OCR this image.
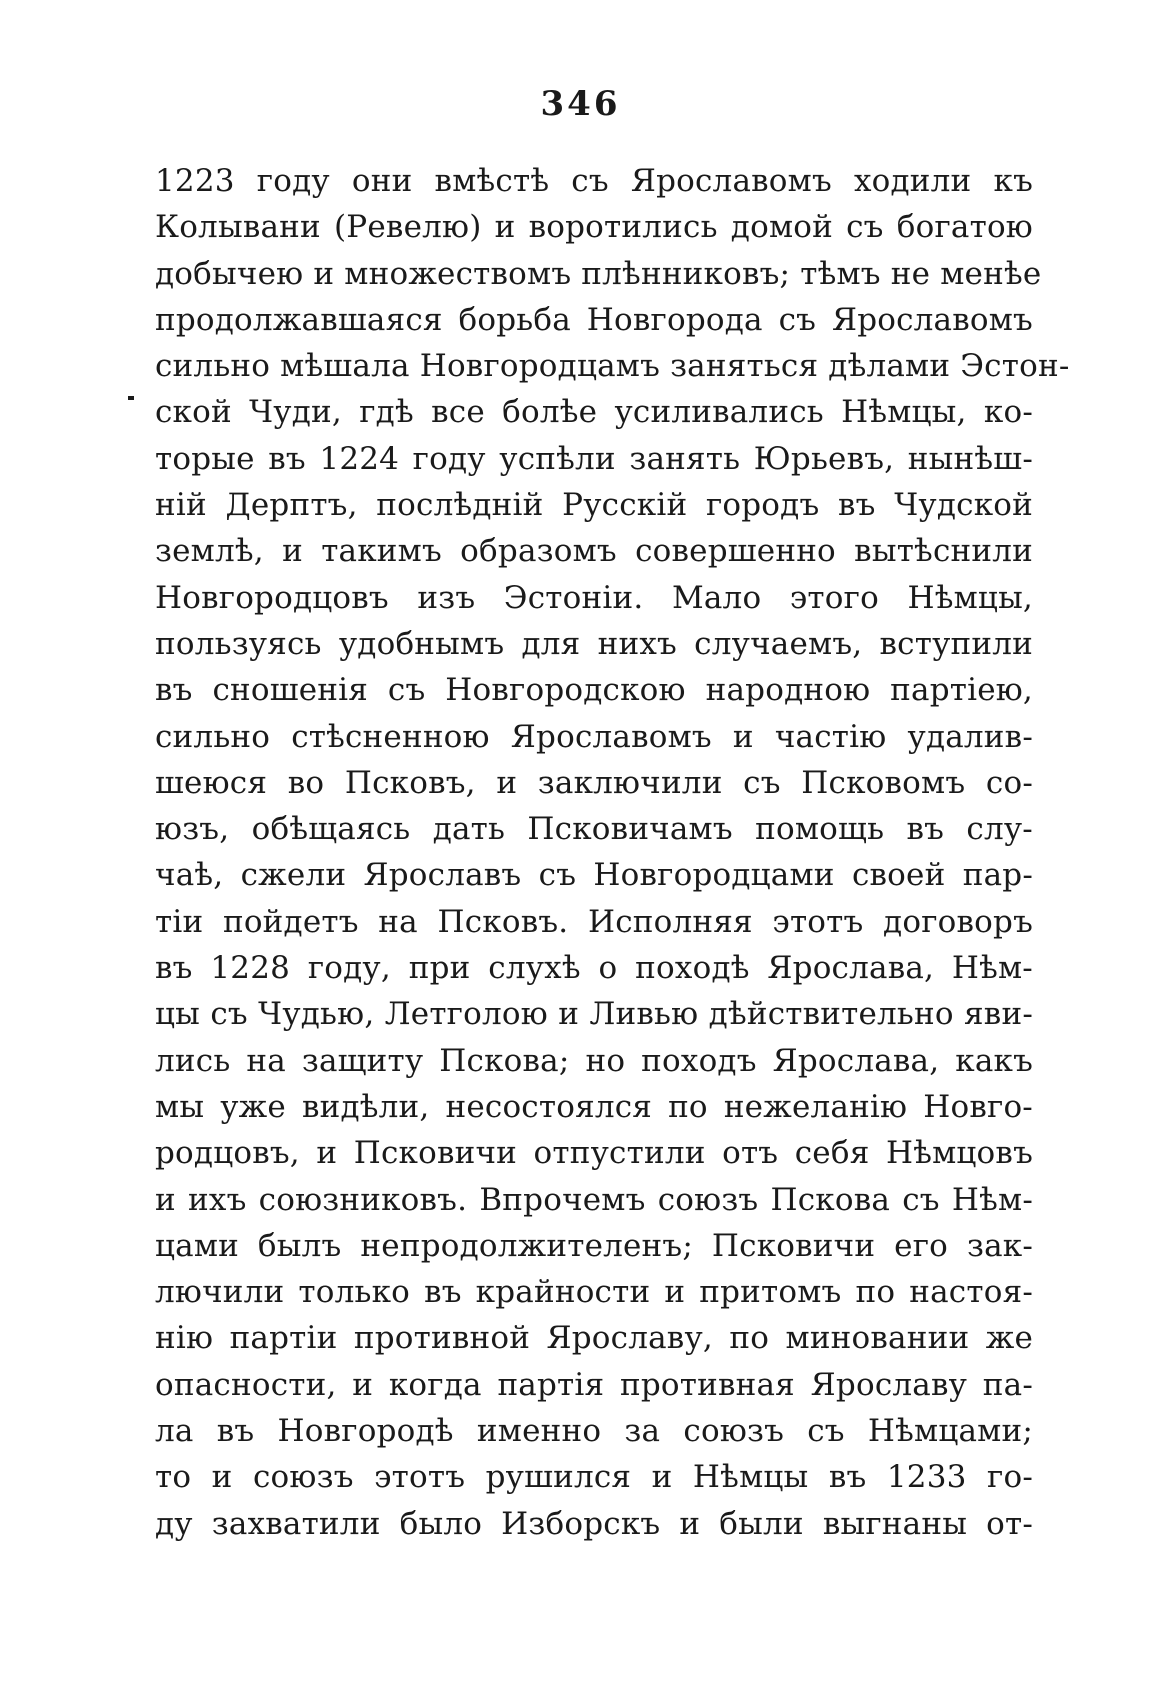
346
1223 году они вмѣстѣ съ Ярославомъ ходили къ
Колывани (Ревелю) и воротились домой съ богатою
добычею и множествомъ плѣнниковъ; тѣмъ не менѣе
продолжавшаяся борьба Новгорода съ Ярославомъ
сильно мѣшала Новгородцамъ заняться дѣлами Эстон-
ской Чуди, гдѣ все болѣе усиливались Нѣмцы, ко-
торые въ 1224 году успѣли занять Юрьевъ, нынѣш-
ній Дерптъ, послѣдній Русскій городъ въ Чудской
землѣ, и такимъ образомъ совершенно вытѣснили
Новгородцовъ изъ Эстоніи. Мало этого Нѣмцы,
пользуясь удобнымъ для нихъ случаемъ, вступили
въ сношенія съ Новгородскою народною партіею,
сильно стѣсненною Ярославомъ и частію удалив-
шеюся во Псковъ, и заключили съ Псковомъ со-
юзъ, обѣщаясь дать Псковичамъ помощь въ слу-
чаѣ, сжели Ярославъ съ Новгородцами своей пар-
тіи пойдетъ на Псковъ. Исполняя этотъ договоръ
въ 1228 году, при слухѣ о походѣ Ярослава, Нѣм-
цы съ Чудью, Летголою и Ливью дѣйствительно яви-
лись на защиту Пскова; но походъ Ярослава, какъ
мы уже видѣли, несостоялся по нежеланію Новго-
родцовъ, и Псковичи отпустили отъ себя Нѣмцовъ
и ихъ союзниковъ. Впрочемъ союзъ Пскова съ Нѣм-
цами былъ непродолжителенъ; Псковичи его зак-
лючили только въ крайности и притомъ по настоя-
нію партіи противной Ярославу, по миновании же
опасности, и когда партія противная Ярославу па-
ла въ Новгородѣ именно за союзъ съ Нѣмцами;
то и союзъ этотъ рушился и Нѣмцы въ 1233 го-
ду захватили было Изборскъ и были выгнаны от-
